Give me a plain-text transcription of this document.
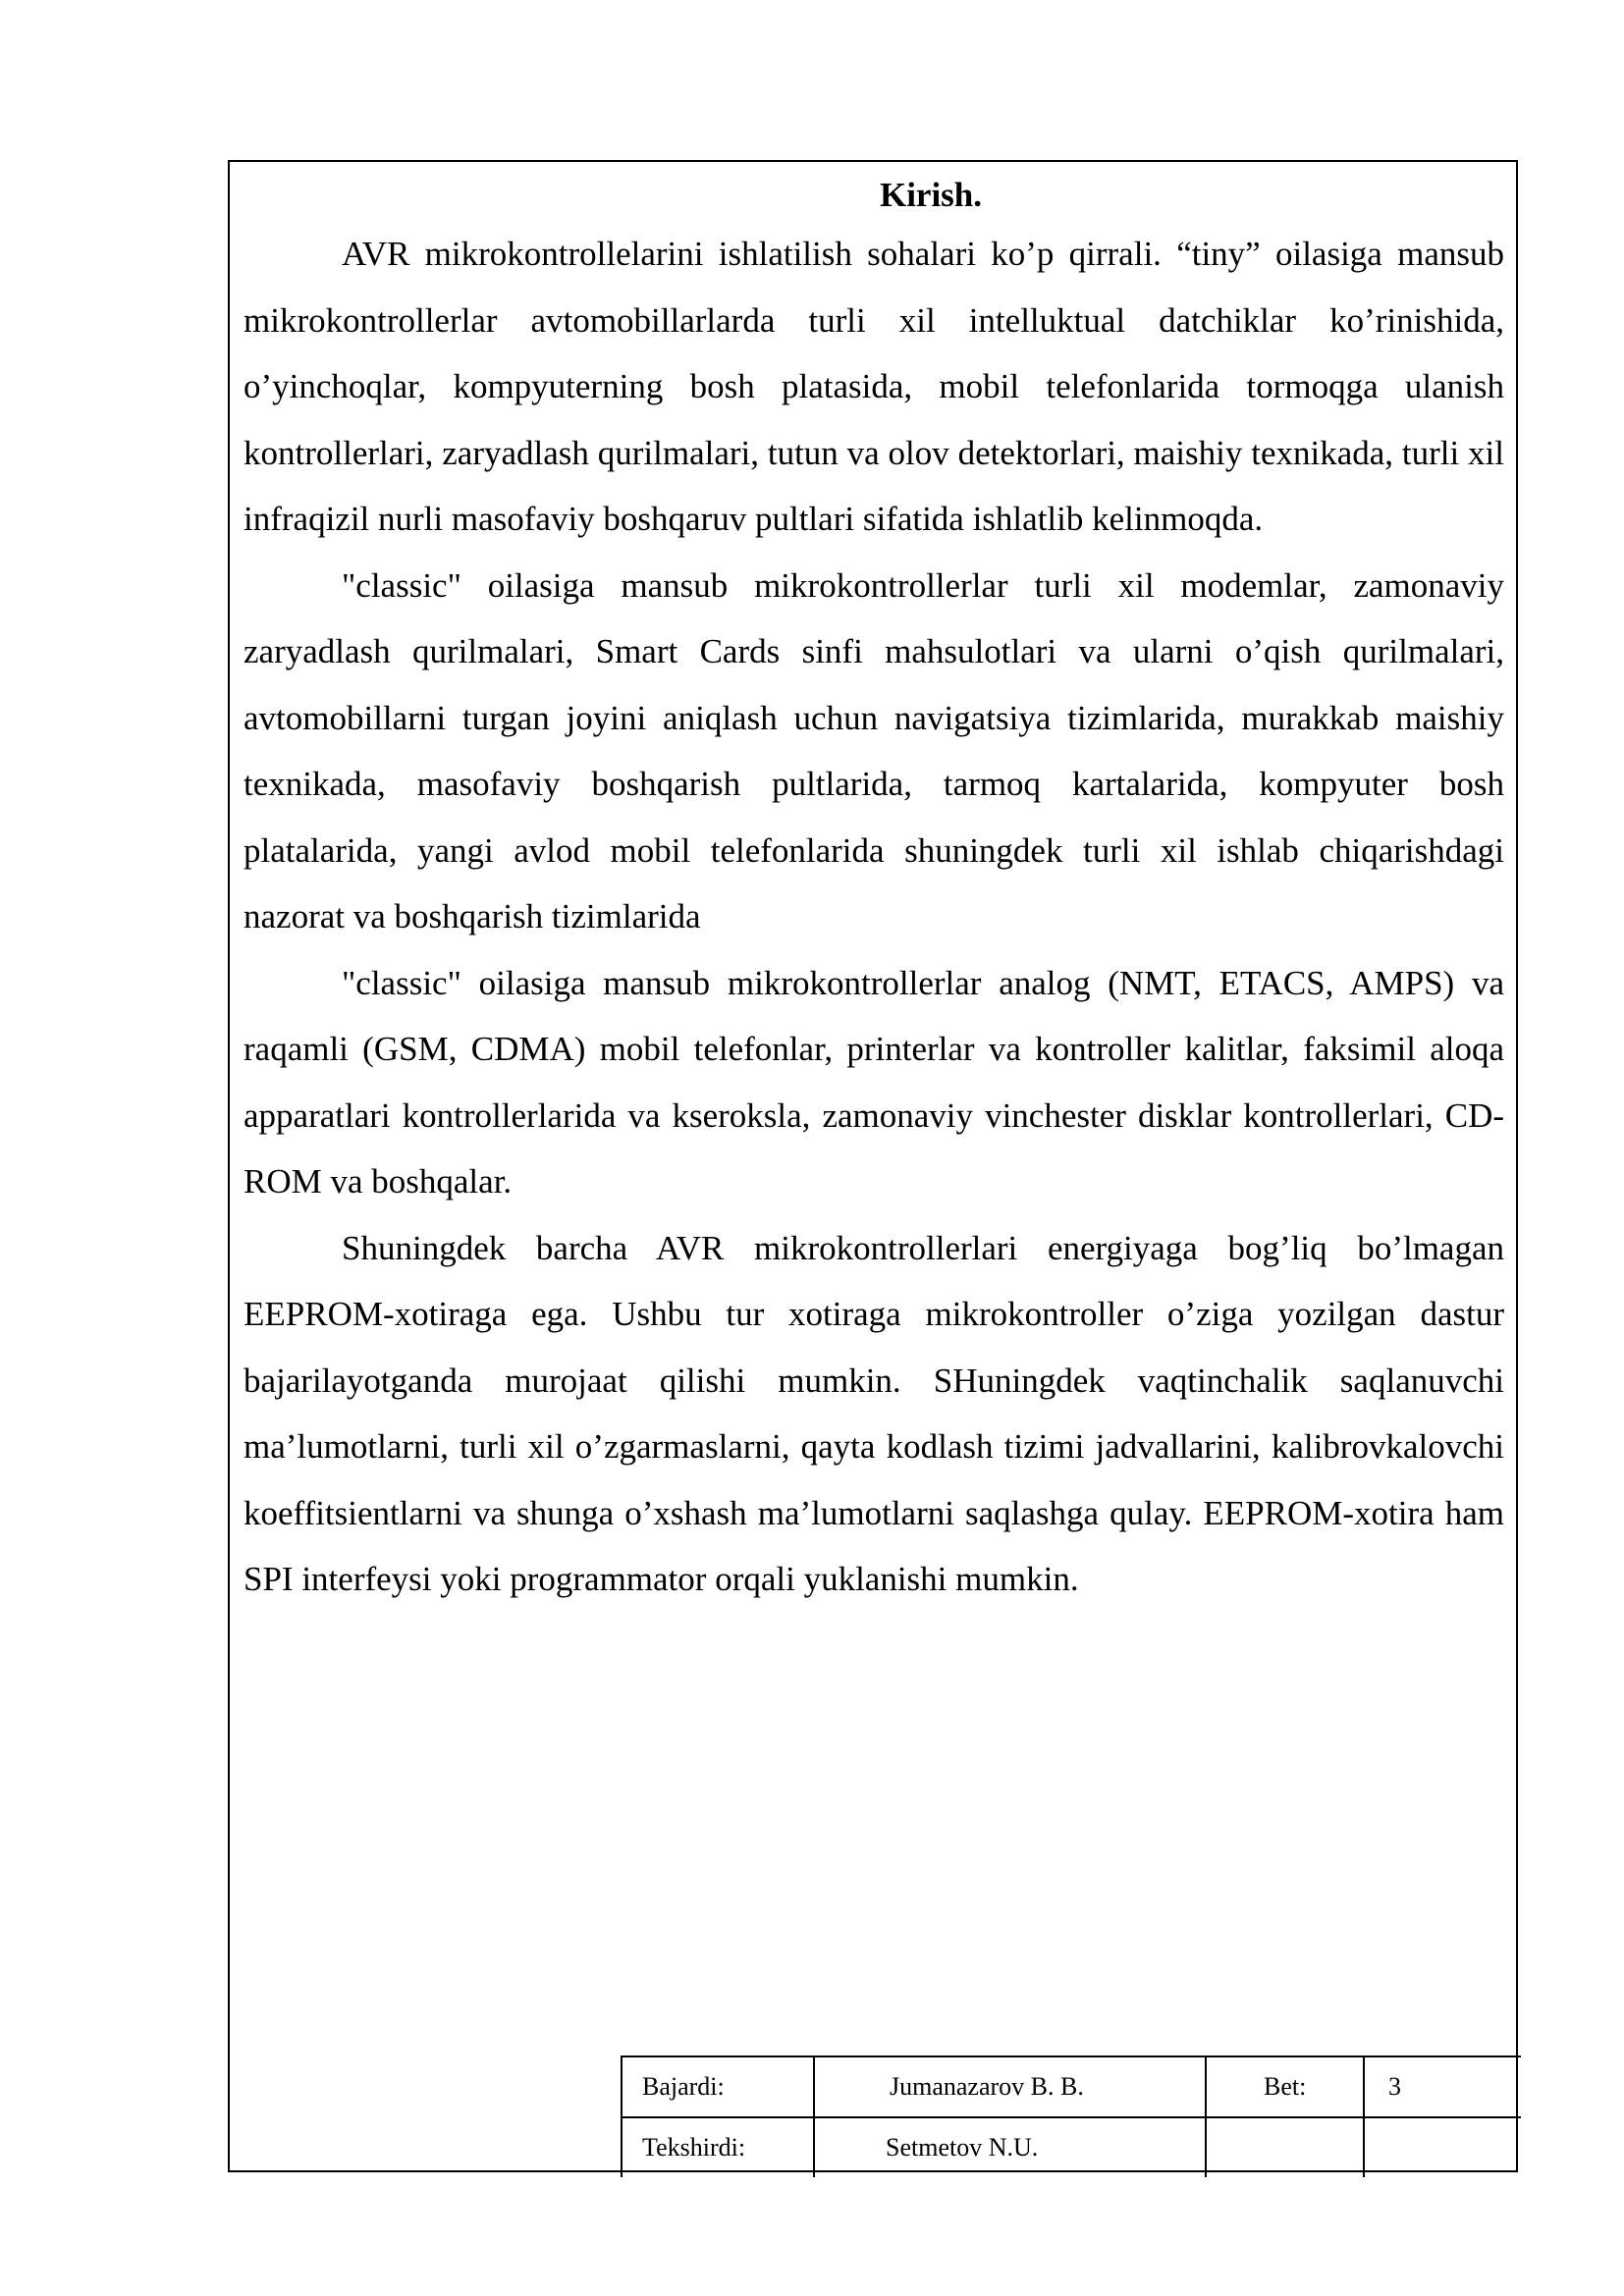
Kirish.

AVR mikrokontrollelarini ishlatilish sohalari ko’p qirrali. “tiny” oilasiga mansub mikrokontrollerlar avtomobillarlarda turli xil intelluktual datchiklar ko’rinishida, o’yinchoqlar, kompyuterning bosh platasida, mobil telefonlarida tormoqga ulanish kontrollerlari, zaryadlash qurilmalari, tutun va olov detektorlari, maishiy texnikada, turli xil infraqizil nurli masofaviy boshqaruv pultlari sifatida ishlatlib kelinmoqda.

"classic" oilasiga mansub mikrokontrollerlar turli xil modemlar, zamonaviy zaryadlash qurilmalari, Smart Cards sinfi mahsulotlari va ularni o’qish qurilmalari, avtomobillarni turgan joyini aniqlash uchun navigatsiya tizimlarida, murakkab maishiy texnikada, masofaviy boshqarish pultlarida, tarmoq kartalarida, kompyuter bosh platalarida, yangi avlod mobil telefonlarida shuningdek turli xil ishlab chiqarishdagi nazorat va boshqarish tizimlarida

"classic" oilasiga mansub mikrokontrollerlar analog (NMT, ETACS, AMPS) va raqamli (GSM, CDMA) mobil telefonlar, printerlar va kontroller kalitlar, faksimil aloqa apparatlari kontrollerlarida va kseroksla, zamonaviy vinchester disklar kontrollerlari, CD-ROM va boshqalar.

Shuningdek barcha AVR mikrokontrollerlari energiyaga bog’liq bo’lmagan EEPROM-xotiraga ega. Ushbu tur xotiraga mikrokontroller o’ziga yozilgan dastur bajarilayotganda murojaat qilishi mumkin. SHuningdek vaqtinchalik saqlanuvchi ma’lumotlarni, turli xil o’zgarmaslarni, qayta kodlash tizimi jadvallarini, kalibrovkalovchi koeffitsientlarni va shunga o’xshash ma’lumotlarni saqlashga qulay. EEPROM-xotira ham SPI interfeysi yoki programmator orqali yuklanishi mumkin.

Bajardi:	Jumanazarov B. B.	Bet:	3
Tekshirdi:	Setmetov N.U.		
